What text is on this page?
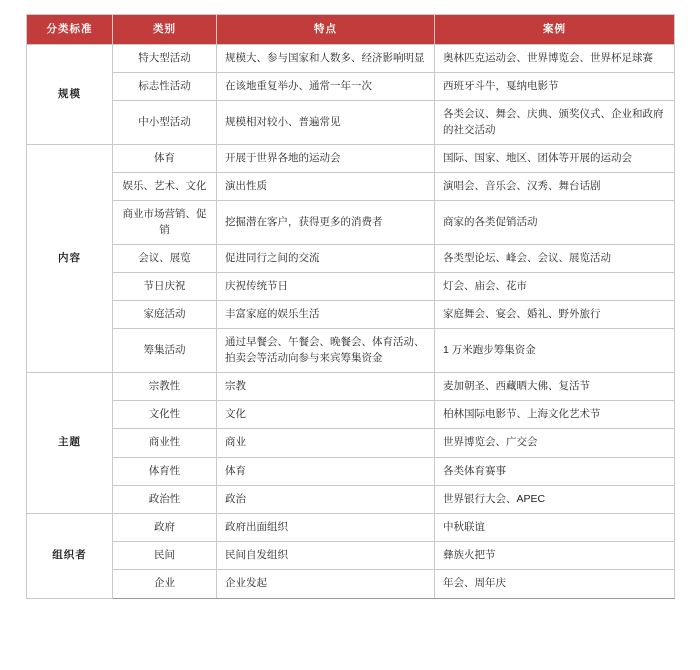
分类标准	类别	特点	案例
规模	特大型活动	规模大、参与国家和人数多、经济影响明显	奥林匹克运动会、世界博览会、世界杯足球赛
	标志性活动	在该地重复举办、通常一年一次	西班牙斗牛，戛纳电影节
	中小型活动	规模相对较小、普遍常见	各类会议、舞会、庆典、颁奖仪式、企业和政府的社交活动
内容	体育	开展于世界各地的运动会	国际、国家、地区、团体等开展的运动会
	娱乐、艺术、文化	演出性质	演唱会、音乐会、汉秀、舞台话剧
	商业市场营销、促销	挖掘潜在客户，获得更多的消费者	商家的各类促销活动
	会议、展览	促进同行之间的交流	各类型论坛、峰会、会议、展览活动
	节日庆祝	庆祝传统节日	灯会、庙会、花市
	家庭活动	丰富家庭的娱乐生活	家庭舞会、宴会、婚礼、野外旅行
	筹集活动	通过早餐会、午餐会、晚餐会、体育活动、拍卖会等活动向参与来宾筹集资金	1 万米跑步筹集资金
主题	宗教性	宗教	麦加朝圣、西藏晒大佛、复活节
	文化性	文化	柏林国际电影节、上海文化艺术节
	商业性	商业	世界博览会、广交会
	体育性	体育	各类体育赛事
	政治性	政治	世界银行大会、APEC
组织者	政府	政府出面组织	中秋联谊
	民间	民间自发组织	彝族火把节
	企业	企业发起	年会、周年庆
